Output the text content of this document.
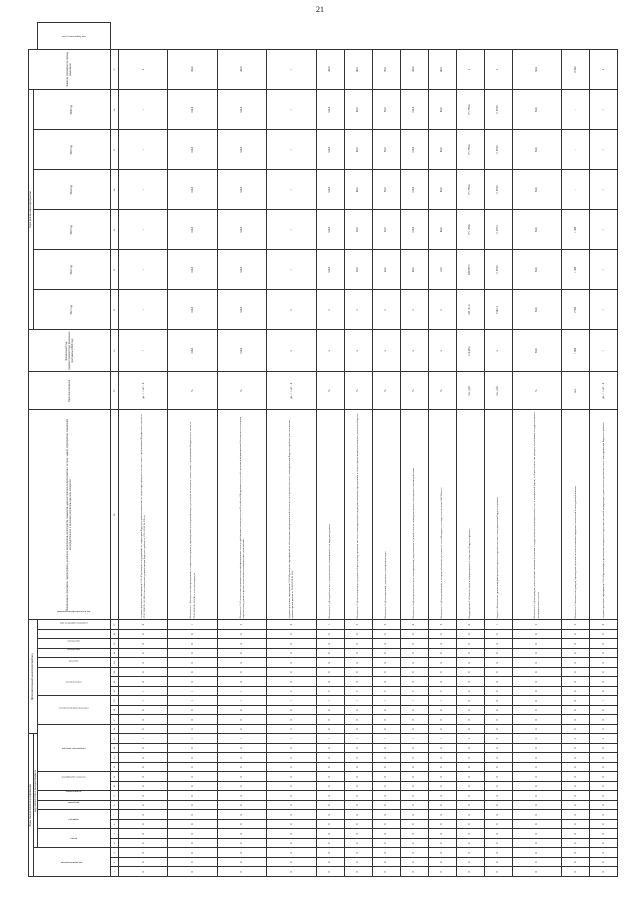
21
Коды бюджетной классификации															Дополнительный аналитический код												Наименование программы, подпрограммы, основного мероприятия, мероприятия, показателя, административного мероприятия и их цели, задачи, мероприятия, показателей непосредственного и конечного результата, единицы измерения	Единица измерения	Финансовый год, предшествующий году реализации программы (2020 год)	Годы реализации программы						Значение (суммарно) за период реализации	
код администратора			код целевой статьи расходов бюджета																											2021 год	2022 год	2023 год	2024 год	2025 год	2026 год		
			раздел		подраздел		программа	подпрограмма	основное мероприятие		направление расходов					ответственный исполнитель			соисполнитель			участник	вид объекта	код объекта	реквизиты правового акта	код источника финансирования											код бюджетного учета
1	2	3	4	5	6	7	8	9	10	11	12	13	14	15	16	17	18	19	20	21	22	23	24	25	26	27	28	29	30	31	32	33	34	35	36	37	
0	0	0	0	0	0	0	0	0	0	0	0	0	0	1	0	0	0	1	1	0	0	0	0	0	0	0	Административное мероприятие 2.01 «Реализация и поддержание на территории Бердского района механизма по защите прав граждан в соответствии с требованиями Федерального закона от 27.07.2006 № 152-ФЗ» (постановление администрации Бердского района от 23.11.2016 № 230-п)	да – 1 / нет – 0	1	1	1	1	1	1	1	х	
0	0	0	0	0	0	0	0	0	0	0	0	0	0	1	0	0	0	1	1	0	0	0	0	0	0	1	Показатель 1 «Количество информационных и социальных сервисов, переведенных в электронный вид и доступных населению в соответствии с требованиями Федерального закона от 27.07.2010 № 210-ФЗ в отчетном периоде»	%	100,0	100,0	100,0	100,0	100,0	100,0	100,0	100,0	
0	0	0	0	0	0	0	0	0	0	0	0	0	0	1	0	0	0	1	1	0	0	0	0	0	0	2	Показатель 2 «Соответствие муниципальных информационных систем требованиям законодательства Российской Федерации в части обеспечения информационной безопасности и защиты персональных данных в рамках исполнения муниципальных полномочий»	%	100,0	100,0	100,0	100,0	100,0	100,0	100,0	100,0	
0	0	0	0	0	0	0	0	0	0	0	0	0	0	1	0	0	0	1	2	0	0	0	0	0	0	0	Административное мероприятие 2.02 «Проведение мероприятий по обеспечению информационной безопасности в органах местного самоуправления Бердского района» (постановление администрации района от 20.04.2018 № 116)	да – 1 / нет – 0	х	х	1	1	1	1	1	1	
0	0	0	0	0	0	0	0	0	0	0	0	0	0	1	0	0	0	1	2	0	0	0	0	0	0	1	Показатель 1 «Доля рабочих мест, подключенных к защищенной сети передачи данных»	%	х	х	100,0	100,0	100,0	100,0	100,0	100,0	
0	0	0	0	0	0	0	0	0	0	0	0	0	0	1	0	0	0	1	2	0	0	0	0	0	0	2	Показатель 2 «Доля электронного документооборота между органами местного самоуправления и подведомственными учреждениями в общем объеме межведомственного документооборота»	%	х	х	50,0	50,0	60,0	80,0	80,0	80,0	
0	0	0	0	0	0	0	0	0	0	0	0	0	0	1	0	0	0	1	2	0	0	0	0	0	0	3	Показатель 3 «Доля заявлений, поданных в электронном виде»	%	х	х	20,0	30,0	70,0	70,0	70,0	70,0	
0	0	0	0	0	0	0	0	0	0	0	0	0	0	1	0	0	0	1	2	0	0	0	0	0	0	4	Показатель 4 «Доля органов местного самоуправления, подключенных к единой системе межведомственного электронного взаимодействия»	%	х	х	40,0	100,0	100,0	100,0	100,0	100,0	
0	0	0	0	0	0	0	0	0	0	0	0	0	0	1	0	0	0	1	2	0	0	0	0	0	0	5	Показатель 5 «Доля организаций, в которых обеспечена доступность сети «Интернет» со скоростью не менее 100 Мбит/с»	%	х	х	10,0	60,0	80,0	80,0	80,0	80,0	
0	0	0	0	0	0	0	0	0	0	0	0	0	0	2	0	0	0	0	0	0	0	0	0	0	0	0	Подпрограмма 3 «Развитие связи и информационного общества в Бердском районе»	тыс. руб.	114 455,1	128 151,4	226 877,5	171 176,6	171 770,0	171 770,0	171 770,0	х	
0	0	0	0	0	0	0	0	0	0	0	0	0	0	2	0	0	0	0	0	0	0	0	0	0	0	1	Задача 1 «Повышение уровня информационной открытости органов местного самоуправления Бердского района»	тыс. руб.	х	9 001,2	11 974,9	11 275,5	11 974,9	11 974,9	11 974,9	х	
0	0	0	0	0	0	0	0	0	0	0	0	0	0	2	0	0	0	0	0	0	0	0	0	0	0	2	Показатель 1 «Доля граждан, использующих механизм получения государственных и муниципальных услуг в электронной форме, в общем количестве граждан, получивших государственные и муниципальные услуги»	%	50,6	50,6	50,6	50,6	50,6	50,6	50,6	50,6	
0	0	0	0	0	0	0	0	0	0	0	0	0	0	2	0	0	0	0	0	0	0	0	0	0	0	3	Показатель 2 «Количество граждан, прошедших обучение по использованию цифровых технологий в повседневной жизни»	чел.	1 000	7 200	1 300	1 300	-	-	-	8 200	
0	0	0	0	0	0	0	0	0	0	0	0	0	0	2	0	0	0	1	0	0	0	0	0	0	0	0	Административное мероприятие 3.01 «Организация и размещение материалов в средствах массовой информации о деятельности органов местного самоуправления Бердского района»	да – 1 / нет – 0	1	1	1	1	1	1	1	х	
